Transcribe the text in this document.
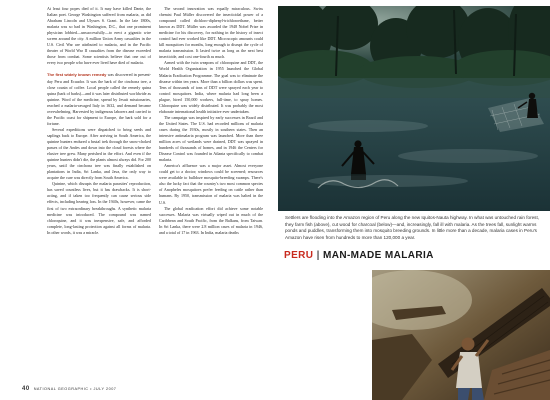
At least four popes died of it. It may have killed Dante, the Italian poet. George Washington suffered from malaria, as did Abraham Lincoln and Ulysses S. Grant. In the late 1800s, malaria was so bad in Washington, D.C., that one prominent physician lobbied—unsuccessfully—to erect a gigantic wire screen around the city. A million Union Army casualties in the U.S. Civil War are attributed to malaria, and in the Pacific theater of World War II casualties from the disease exceeded those from combat. Some scientists believe that one out of every two people who have ever lived have died of malaria.

The first widely known remedy was discovered in present-day Peru and Ecuador. It was the bark of the cinchona tree, a close cousin of coffee. Local people called the remedy quina quina (bark of barks)—and it was later distributed worldwide as quinine. Word of the medicine, spread by Jesuit missionaries, reached a malaria-ravaged Italy in 1632, and demand became overwhelming. Harvested by indigenous laborers and carried to the Pacific coast for shipment to Europe, the bark sold for a fortune.

Several expeditions were dispatched to bring seeds and saplings back to Europe. After arriving in South America, the quinine hunters endured a brutal trek through the snow-choked passes of the Andes and down into the cloud forests where the elusive tree grew. Many perished in the effort. And even if the quinine hunters didn't die, the plants almost always did. For 200 years, until the cinchona tree was finally established on plantations in India, Sri Lanka, and Java, the only way to acquire the cure was directly from South America.

Quinine, which disrupts the malaria parasites' reproduction, has saved countless lives, but it has drawbacks. It is short-acting, and if taken too frequently can cause serious side effects, including hearing loss. In the 1940s, however, came the first of two extraordinary breakthroughs. A synthetic malaria medicine was introduced. The compound was named chloroquine, and it was inexpensive, safe, and afforded complete, long-lasting protection against all forms of malaria. In other words, it was a miracle.

The second innovation was equally miraculous. Swiss chemist Paul Müller discovered the insecticidal power of a compound called dichloro-diphenyl-trichloroethane, better known as DDT. Müller was awarded the 1948 Nobel Prize in medicine for his discovery, for nothing in the history of insect control had ever worked like DDT. Microscopic amounts could kill mosquitoes for months, long enough to disrupt the cycle of malaria transmission. It lasted twice as long as the next best insecticide, and cost one-fourth as much.

Armed with the twin weapons of chloroquine and DDT, the World Health Organization in 1955 launched the Global Malaria Eradication Programme. The goal was to eliminate the disease within ten years. More than a billion dollars was spent. Tens of thousands of tons of DDT were sprayed each year to control mosquitoes. India, where malaria had long been a plague, hired 150,000 workers, full-time, to spray homes. Chloroquine was widely distributed. It was probably the most elaborate international health initiative ever undertaken.

The campaign was inspired by early successes in Brazil and the United States. The U.S. had recorded millions of malaria cases during the 1930s, mostly in southern states. Then an intensive antimalaria program was launched. More than three million acres of wetlands were drained, DDT was sprayed in hundreds of thousands of homes, and in 1946 the Centers for Disease Control was founded in Atlanta specifically to combat malaria.

America's affluence was a major asset. Almost everyone could get to a doctor; windows could be screened; resources were available to bulldoze mosquito-breeding swamps. There's also the lucky fact that the country's two most common species of Anopheles mosquitoes prefer feeding on cattle rather than humans. By 1950, transmission of malaria was halted in the U.S.

The global eradication effort did achieve some notable successes. Malaria was virtually wiped out in much of the Caribbean and South Pacific, from the Balkans, from Taiwan. In Sri Lanka, there were 2.8 million cases of malaria in 1946, and a total of 17 in 1963. In India, malaria deaths

Settlers are flooding into the Amazon region of Peru along the new Iquitos-Nauta highway. In what was untouched rain forest, they farm fish (above), cut wood for charcoal (below)—and, increasingly, fall ill with malaria. As the trees fall, sunlight warms ponds and puddles, transforming them into mosquito breeding grounds. In little more than a decade, malaria cases in Peru's Amazon have risen from hundreds to more than 120,000 a year.

PERU | MAN-MADE MALARIA
40 NATIONAL GEOGRAPHIC • JULY 2007
